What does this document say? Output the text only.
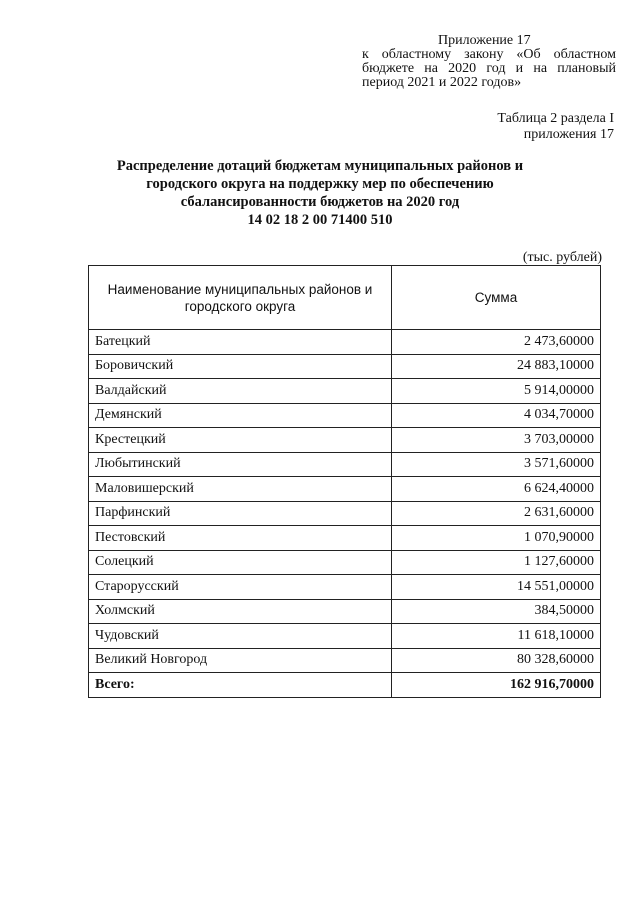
Приложение 17
к областному закону «Об областном бюджете на 2020 год и на плановый период 2021 и 2022 годов»
Таблица 2 раздела I
приложения 17
Распределение дотаций бюджетам муниципальных районов и
городского округа на поддержку мер по обеспечению
сбалансированности бюджетов на 2020 год
14 02 18 2 00 71400 510
(тыс. рублей)
Наименование муниципальных районов и городского округа	Сумма
Батецкий	2 473,60000
Боровичский	24 883,10000
Валдайский	5 914,00000
Демянский	4 034,70000
Крестецкий	3 703,00000
Любытинский	3 571,60000
Маловишерский	6 624,40000
Парфинский	2 631,60000
Пестовский	1 070,90000
Солецкий	1 127,60000
Старорусский	14 551,00000
Холмский	384,50000
Чудовский	11 618,10000
Великий Новгород	80 328,60000
Всего:	162 916,70000
